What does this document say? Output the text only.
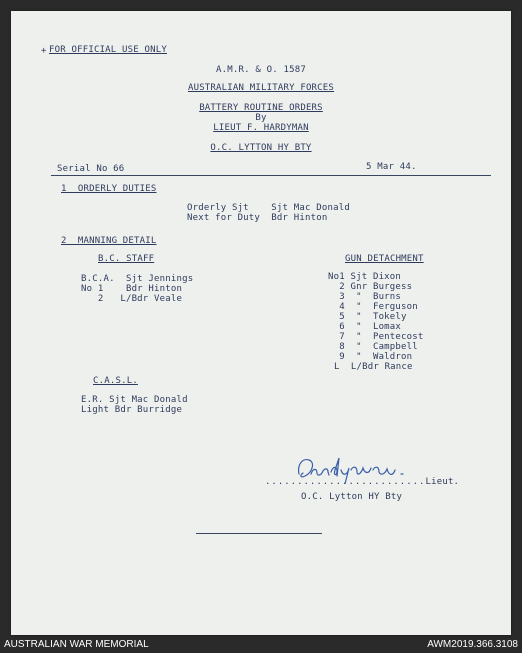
FOR OFFICIAL USE ONLY
+
A.M.R. & O. 1587
AUSTRALIAN MILITARY FORCES
BATTERY ROUTINE ORDERS
By
LIEUT F. HARDYMAN
O.C. LYTTON HY BTY
Serial No 66	5 Mar 44.
1  ORDERLY DUTIES
Orderly Sjt    Sjt Mac Donald
Next for Duty  Bdr Hinton
2  MANNING DETAIL
B.C. STAFF
B.C.A.  Sjt Jennings
No 1    Bdr Hinton
2   L/Bdr Veale
GUN DETACHMENT
No1 Sjt Dixon
2 Gnr Burgess
3  "  Burns
4  "  Ferguson
5  "  Tokely
6  "  Lomax
7  "  Pentecost
8  "  Campbell
9  "  Waldron
L  L/Bdr Rance
C.A.S.L.
E.R. Sjt Mac Donald
Light Bdr Burridge
.........................Lieut.
O.C. Lytton HY Bty
AUSTRALIAN WAR MEMORIAL	AWM2019.366.3108
